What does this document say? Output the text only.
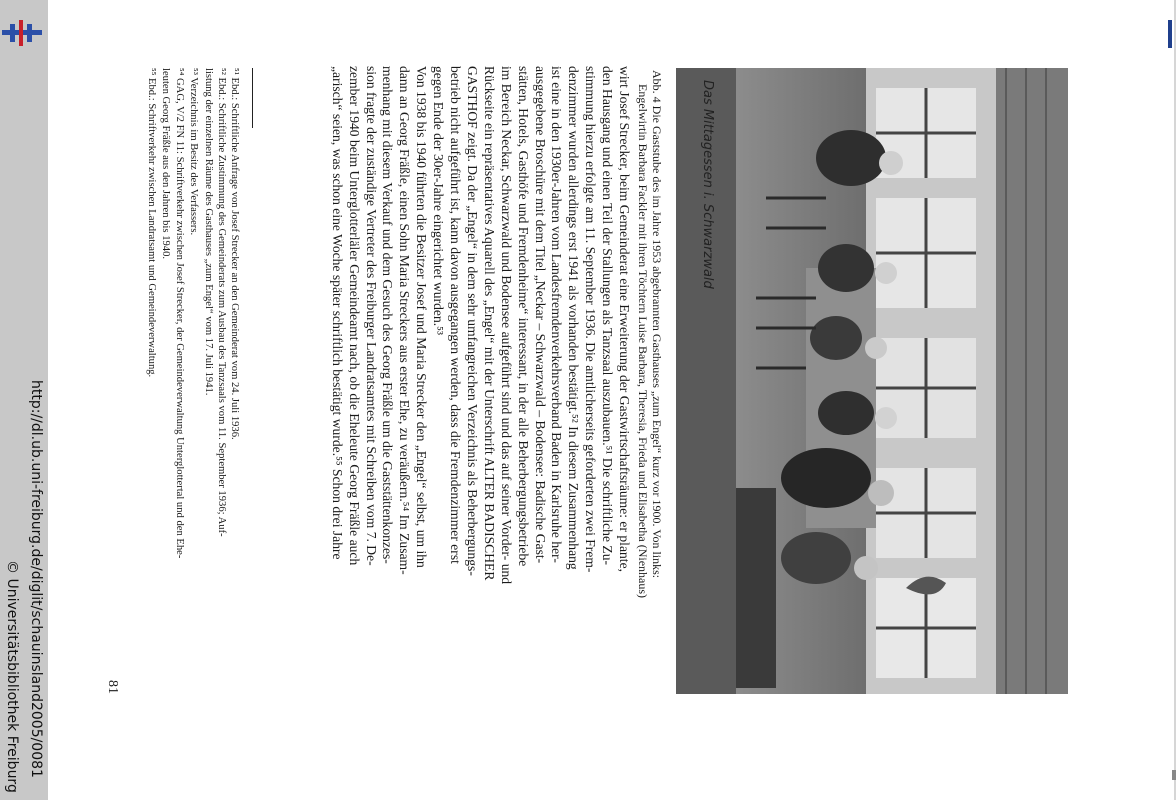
http://dl.ub.uni-freiburg.de/diglit/schauinsland2005/0081
© Universitätsbibliothek Freiburg
Das Mittagessen i. Schwarzwald
Abb. 4 Die Gaststube des im Jahre 1953 abgebrannten Gasthauses „zum Engel“ kurz vor 1900. Von links:
Engelwirtin Barbara Fackler mit ihren Töchtern Luise Barbara, Theresia, Frieda und Elisabetha (Nienhaus)
wirt Josef Strecker, beim Gemeinderat eine Erweiterung der Gastwirtschaftsräume: er plante,
den Hausgang und einen Teil der Stallungen als Tanzsaal auszubauen.⁵¹ Die schriftliche Zu-
stimmung hierzu erfolgte am 11. September 1936. Die amtlicherseits geforderten zwei Frem-
denzimmer wurden allerdings erst 1941 als vorhanden bestätigt.⁵² In diesem Zusammenhang
ist eine in den 1930er-Jahren vom Landesfremdenverkehrsverband Baden in Karlsruhe her-
ausgegebene Broschüre mit dem Titel „Neckar – Schwarzwald – Bodensee: Badische Gast-
stätten, Hotels, Gasthöfe und Fremdenheime“ interessant, in der alle Beherbergungsbetriebe
im Bereich Neckar, Schwarzwald und Bodensee aufgeführt sind und das auf seiner Vorder- und
Rückseite ein repräsentatives Aquarell des „Engel“ mit der Unterschrift ALTER BADISCHER
GASTHOF zeigt. Da der „Engel“ in dem sehr umfangreichen Verzeichnis als Beherbergungs-
betrieb nicht aufgeführt ist, kann davon ausgegangen werden, dass die Fremdenzimmer erst
gegen Ende der 30er-Jahre eingerichtet wurden.⁵³
Von 1938 bis 1940 führten die Besitzer Josef und Maria Strecker den „Engel“ selbst, um ihn
dann an Georg Fräßle, einen Sohn Maria Streckers aus erster Ehe, zu veräußern.⁵⁴ Im Zusam-
menhang mit diesem Verkauf und dem Gesuch des Georg Fräßle um die Gaststättenkonzes-
sion fragte der zuständige Vertreter des Freiburger Landratsamtes mit Schreiben vom 7. De-
zember 1940 beim Unterglotterläler Gemeindeamt nach, ob die Eheleute Georg Fräßle auch
„arisch“ seien, was schon eine Woche später schriftlich bestätigt wurde.⁵⁵ Schon drei Jahre
⁵¹ Ebd.: Schriftliche Anfrage von Josef Strecker an den Gemeinderat vom 24. Juli 1936.
⁵² Ebd.: Schriftliche Zustimmung des Gemeinderats zum Ausbau des Tanzsaals vom 11. September 1936; Auf-
listung der einzelnen Räume des Gasthauses „zum Engel“ vom 17. Juli 1941.
⁵³ Verzeichnis im Besitz des Verfassers.
⁵⁴ GAG, V/2 FN 11: Schriftverkehr zwischen Josef Strecker, der Gemeindeverwaltung Unterglottertal und den Ehe-
leuten Georg Fräßle aus den Jahren bis 1940.
⁵⁵ Ebd.: Schriftverkehr zwischen Landratsamt und Gemeindeverwaltung.
81
